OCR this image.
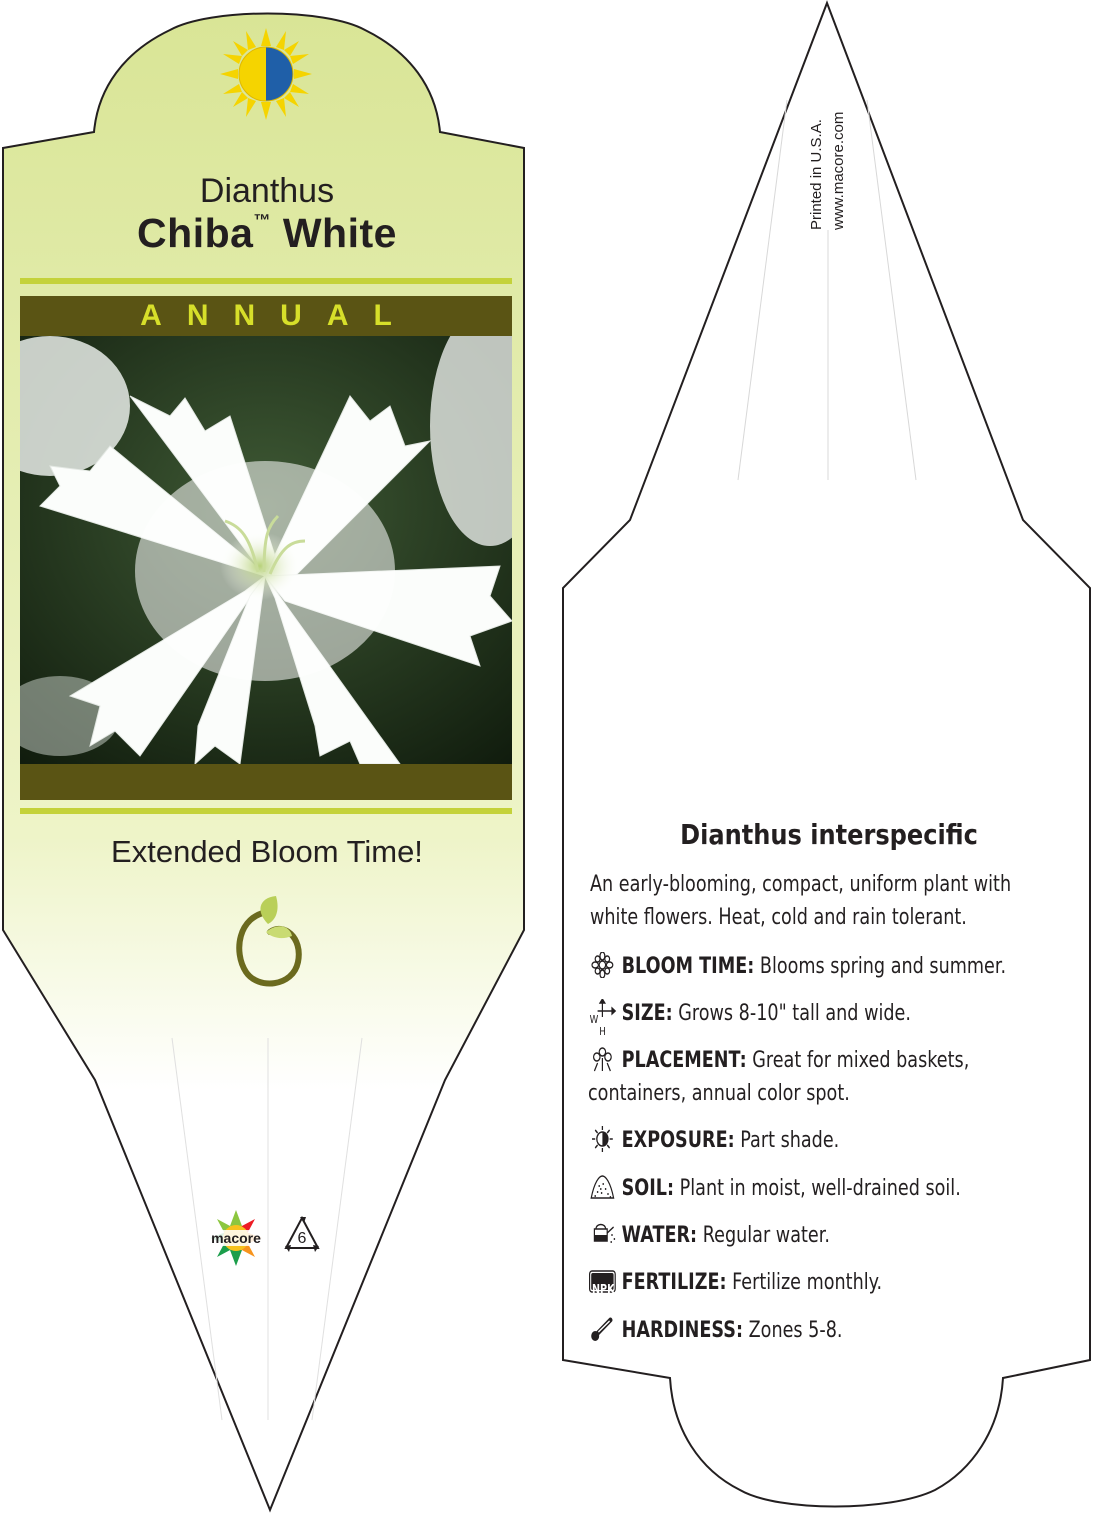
Dianthus
Chiba™ White
ANNUAL
Extended Bloom Time!
macore	6
Printed in U.S.A. www.macore.com
Dianthus interspecific
An early-blooming, compact, uniform plant with white flowers. Heat, cold and rain tolerant.
BLOOM TIME: Blooms spring and summer.
W
H
SIZE: Grows 8-10" tall and wide.
PLACEMENT: Great for mixed baskets,
containers, annual color spot.
EXPOSURE: Part shade.
SOIL: Plant in moist, well-drained soil.
WATER: Regular water.
NPK FERTILIZE: Fertilize monthly.
HARDINESS: Zones 5-8.
